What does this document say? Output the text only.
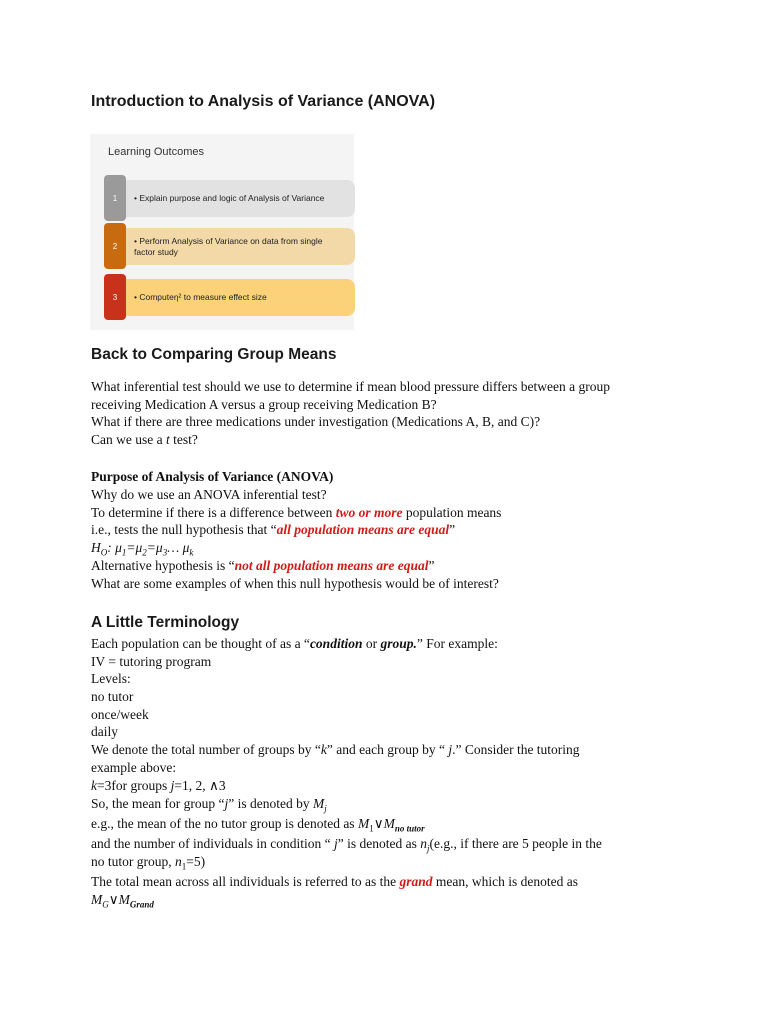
Introduction to Analysis of Variance (ANOVA)
Learning Outcomes
1	• Explain purpose and logic of Analysis of Variance
2
• Perform Analysis of Variance on data from single factor study
3	• Computeη² to measure effect size
Back to Comparing Group Means

What inferential test should we use to determine if mean blood pressure differs between a group

receiving Medication A versus a group receiving Medication B?

What if there are three medications under investigation (Medications A, B, and C)?

Can we use a t test?

Purpose of Analysis of Variance (ANOVA)

Why do we use an ANOVA inferential test?

To determine if there is a difference between two or more population means

i.e., tests the null hypothesis that “all population means are equal”

$H_O$: $\mu_1=\mu_2=\mu_3\dots$ $\mu_k$

Alternative hypothesis is “not all population means are equal”

What are some examples of when this null hypothesis would be of interest?

A Little Terminology

Each population can be thought of as a “condition or group.” For example:

IV = tutoring program

Levels:

no tutor

once/week

daily

We denote the total number of groups by “k” and each group by “ j.” Consider the tutoring

example above:

k=3for groups j=1, 2, ∧3

So, the mean for group “j” is denoted by $M_j$

e.g., the mean of the no tutor group is denoted as $M_1\vee M_{no tutor}$

and the number of individuals in condition “ j” is denoted as $n_j(e.g$., if there are 5 people in the

no tutor group, $n_1=5$)

The total mean across all individuals is referred to as the grand mean, which is denoted as

$M_G\vee M_{Grand}$
